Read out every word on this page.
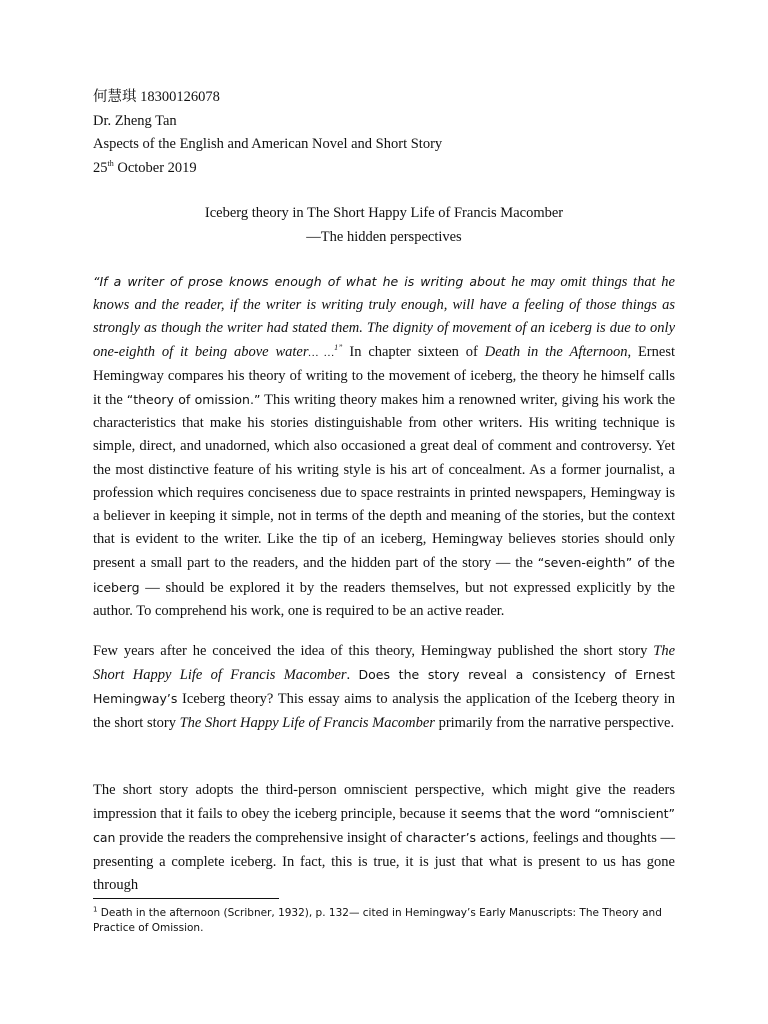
何慧琪 18300126078
Dr. Zheng Tan
Aspects of the English and American Novel and Short Story
25th October 2019
Iceberg theory in The Short Happy Life of Francis Macomber
—The hidden perspectives

“If a writer of prose knows enough of what he is writing about he may omit things that he knows and the reader, if the writer is writing truly enough, will have a feeling of those things as strongly as though the writer had stated them. The dignity of movement of an iceberg is due to only one-eighth of it being above water… …$^{1”}$ In chapter sixteen of Death in the Afternoon, Ernest Hemingway compares his theory of writing to the movement of iceberg, the theory he himself calls it the “theory of omission.” This writing theory makes him a renowned writer, giving his work the characteristics that make his stories distinguishable from other writers. His writing technique is simple, direct, and unadorned, which also occasioned a great deal of comment and controversy. Yet the most distinctive feature of his writing style is his art of concealment. As a former journalist, a profession which requires conciseness due to space restraints in printed newspapers, Hemingway is a believer in keeping it simple, not in terms of the depth and meaning of the stories, but the context that is evident to the writer. Like the tip of an iceberg, Hemingway believes stories should only present a small part to the readers, and the hidden part of the story — the “seven-eighth” of the iceberg — should be explored it by the readers themselves, but not expressed explicitly by the author. To comprehend his work, one is required to be an active reader.

Few years after he conceived the idea of this theory, Hemingway published the short story The Short Happy Life of Francis Macomber. Does the story reveal a consistency of Ernest Hemingway’s Iceberg theory? This essay aims to analysis the application of the Iceberg theory in the short story The Short Happy Life of Francis Macomber primarily from the narrative perspective.

The short story adopts the third-person omniscient perspective, which might give the readers impression that it fails to obey the iceberg principle, because it seems that the word “omniscient” can provide the readers the comprehensive insight of character’s actions, feelings and thoughts — presenting a complete iceberg. In fact, this is true, it is just that what is present to us has gone through

$^1$ Death in the afternoon (Scribner, 1932), p. 132— cited in Hemingway’s Early Manuscripts: The Theory and Practice of Omission.
